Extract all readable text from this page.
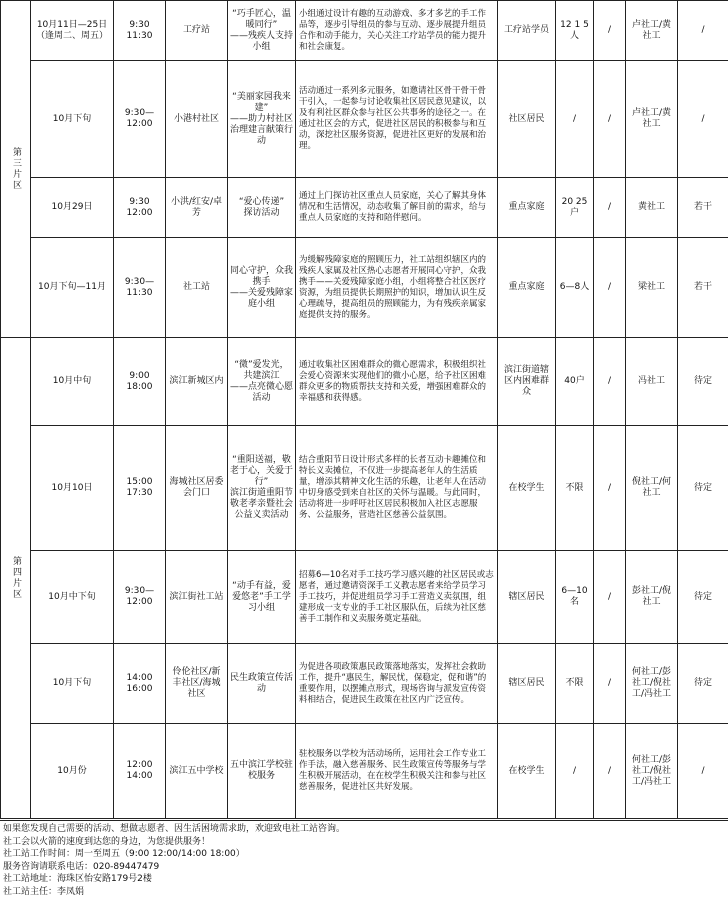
第三片区	10月11日—25日
（逢周二、周五）	9:30
11:30	工疗站	“巧手匠心，温暖同行”
——残疾人支持小组	小组通过设计有趣的互动游戏、多才多艺的手工作品等，逐步引导组员的参与互动、逐步展提升组员合作和动手能力，关心关注工疗站学员的能力提升和社会康复。	工疗站学员	12 1 5人	/	卢社工/黄社工	/
	10月下旬	9:30—
12:00	小港村社区	“美丽家园我来建”
——助力村社区治理建言献策行动	活动通过一系列多元服务，如邀请社区骨干骨干骨干引入，一起参与讨论收集社区居民意见建议，以及有利社区群众参与社区公共事务的途径之一。在通过社区会的方式，促进社区居民的积极参与和互动，深挖社区服务资源，促进社区更好的发展和治理。	社区居民	/	/	卢社工/黄社工	/
	10月29日	9:30
12:00	小洪/红安/卓芳	“爱心传递”
探访活动	通过上门探访社区重点人员家庭，关心了解其身体情况和生活情况，动态收集了解目前的需求，给与重点人员家庭的支持和陪伴慰问。	重点家庭	20 25户	/	黄社工	若干
	10月下旬—11月	9:30—
11:30	社工站	同心守护，众我携手
——关爱残障家庭小组	为缓解残障家庭的照顾压力，社工站组织辖区内的残疾人家属及社区热心志愿者开展同心守护，众我携手——关爱残障家庭小组，小组将整合社区医疗资源，为组员提供长期照护的知识，增加认识生反心理疏导，提高组员的照顾能力，为有残疾亲属家庭提供支持的服务。	重点家庭	6—8人	/	梁社工	若干
第四片区	10月中旬	9:00
18:00	滨江新城区内	“微”爱发光，共建滨江
——点亮微心愿活动	通过收集社区困难群众的微心愿需求，积极组织社会爱心资源来实现他们的微小心愿，给予社区困难群众更多的物质帮扶支持和关爱，增强困难群众的幸福感和获得感。	滨江街道辖区内困难群众	40户	/	冯社工	待定
	10月10日	15:00
17:30	海城社区居委会门口	“重阳送福，敬老于心，关爱于行”
滨江街道重阳节敬老孝亲暨社会公益义卖活动	结合重阳节日设计形式多样的长者互动卡趣摊位和特长义卖摊位，不仅进一步提高老年人的生活质量，增添其精神文化生活的乐趣，让老年人在活动中切身感受到来自社区的关怀与温暖。与此同时，活动将进一步呼吁社区居民积极加入社区志愿服务、公益服务，营造社区慈善公益氛围。	在校学生	不限	/	倪社工/何社工	待定
	10月中下旬	9:30—
12:00	滨江街社工站	“动手有益，爱爱悠老”手工学习小组	招募6—10名对手工技巧学习感兴趣的社区居民或志愿者，通过邀请资深手工义教志愿者来给学员学习手工技巧，并促进组员学习手工营造义卖氛围，组建形成一支专业的手工社区服队伍，后续为社区慈善手工制作和义卖服务奠定基础。	辖区居民	6—10名	/	彭社工/倪社工	待定
	10月下旬	14:00
16:00	伶伦社区/新丰社区/海城社区	民生政策宣传活动	为促进各项政策惠民政策落地落实，发挥社会救助工作，提升“惠民生，解民忧，保稳定，促和谐”的重要作用，以摆摊点形式，现场咨询与派发宣传资料相结合，促进民生政策在社区内广泛宣传。	辖区居民	不限	/	何社工/彭社工/倪社工/冯社工	待定
	10月份	12:00
14:00	滨江五中学校	五中滨江学校驻校服务	驻校服务以学校为活动场所，运用社会工作专业工作手法，融入慈善服务、民生政策宣传等服务与学生积极开展活动，在在校学生积极关注和参与社区慈善服务，促进社区共好发展。	在校学生	/	/	何社工/彭社工/倪社工/冯社工	/
如果您发现自己需要的活动、想做志愿者、因生活困境需求助，欢迎致电社工站咨询。
社工会以火箭的速度到达您的身边，为您提供服务！
社工站工作时间：周一至周五（9:00 12:00/14:00 18:00）
服务咨询请联系电话：020-89447479
社工站地址：海珠区怡安路179号2楼
社工站主任：李凤娟
